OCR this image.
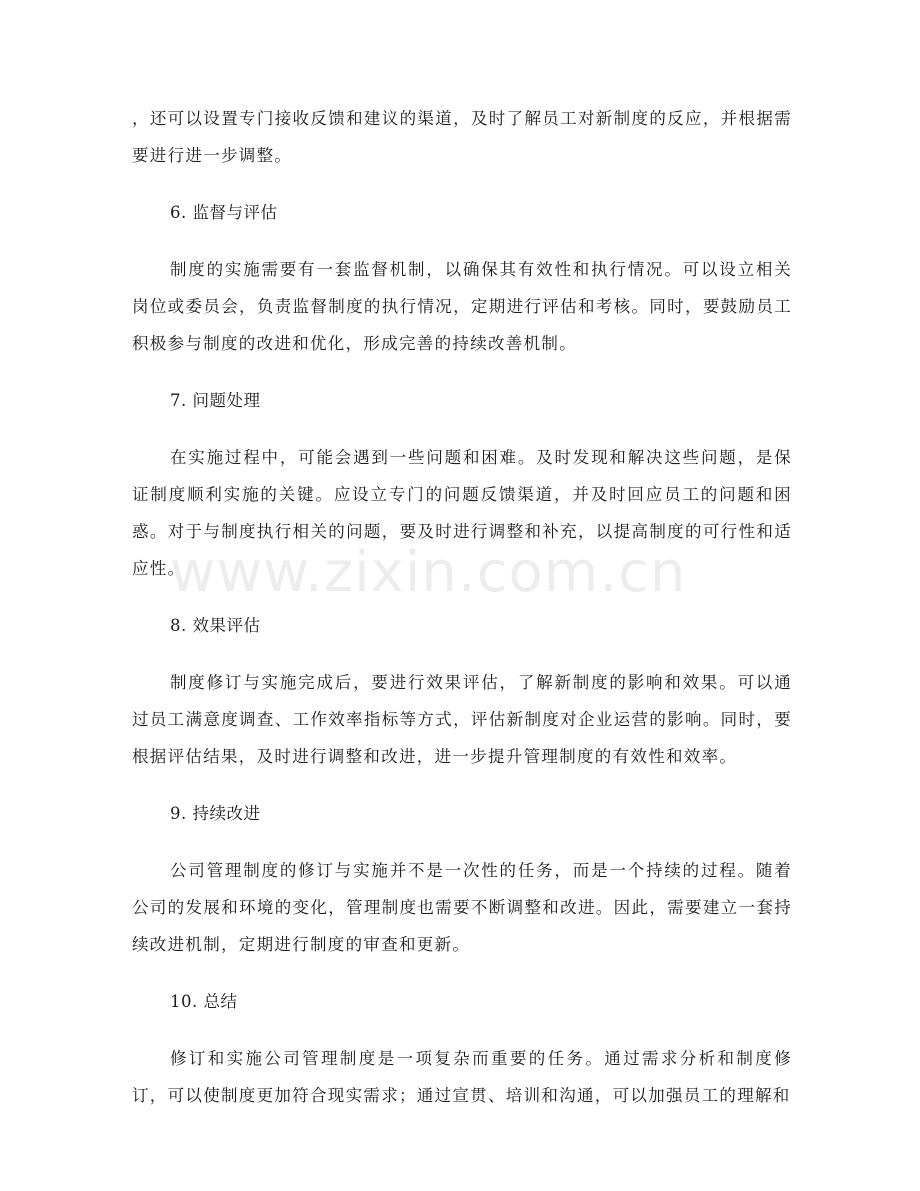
，还可以设置专门接收反馈和建议的渠道，及时了解员工对新制度的反应，并根据需要进行进一步调整。

6. 监督与评估

制度的实施需要有一套监督机制，以确保其有效性和执行情况。可以设立相关岗位或委员会，负责监督制度的执行情况，定期进行评估和考核。同时，要鼓励员工积极参与制度的改进和优化，形成完善的持续改善机制。

7. 问题处理

在实施过程中，可能会遇到一些问题和困难。及时发现和解决这些问题，是保证制度顺利实施的关键。应设立专门的问题反馈渠道，并及时回应员工的问题和困惑。对于与制度执行相关的问题，要及时进行调整和补充，以提高制度的可行性和适应性。

8. 效果评估

制度修订与实施完成后，要进行效果评估，了解新制度的影响和效果。可以通过员工满意度调查、工作效率指标等方式，评估新制度对企业运营的影响。同时，要根据评估结果，及时进行调整和改进，进一步提升管理制度的有效性和效率。

9. 持续改进

公司管理制度的修订与实施并不是一次性的任务，而是一个持续的过程。随着公司的发展和环境的变化，管理制度也需要不断调整和改进。因此，需要建立一套持续改进机制，定期进行制度的审查和更新。

10. 总结

修订和实施公司管理制度是一项复杂而重要的任务。通过需求分析和制度修订，可以使制度更加符合现实需求；通过宣贯、培训和沟通，可以加强员工的理解和

www.zixin.com.cn
